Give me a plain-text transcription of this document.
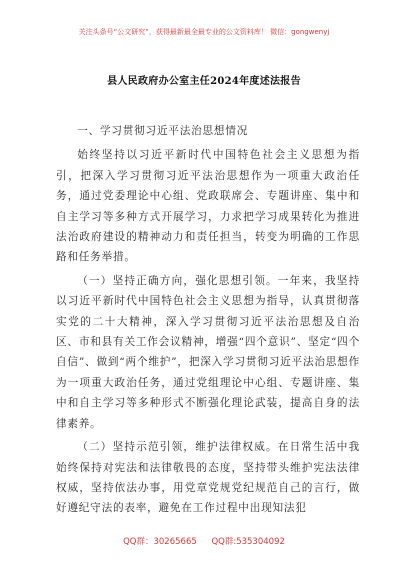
关注头条号“公文研究”，获得最新最全最专业的公文资料库！ 微信：gongwenyj
县人民政府办公室主任2024年度述法报告

一、学习贯彻习近平法治思想情况

始终坚持以习近平新时代中国特色社会主义思想为指引，把深入学习贯彻习近平法治思想作为一项重大政治任务，通过党委理论中心组、党政联席会、专题讲座、集中和自主学习等多种方式开展学习，力求把学习成果转化为推进法治政府建设的精神动力和责任担当，转变为明确的工作思路和任务举措。

（一）坚持正确方向，强化思想引领。一年来，我坚持以习近平新时代中国特色社会主义思想为指导，认真贯彻落实党的二十大精神，深入学习贯彻习近平法治思想及自治区、市和县有关工作会议精神，增强“四个意识”、坚定“四个自信”、做到“两个维护”，把深入学习贯彻习近平法治思想作为一项重大政治任务，通过党组理论中心组、专题讲座、集中和自主学习等多种形式不断强化理论武装，提高自身的法律素养。

（二）坚持示范引领，维护法律权威。在日常生活中我始终保持对宪法和法律敬畏的态度，坚持带头维护宪法法律权威，坚持依法办事，用党章党规党纪规范自己的言行，做好遵纪守法的表率，避免在工作过程中出现知法犯

QQ群：30265665 QQ群:535304092
